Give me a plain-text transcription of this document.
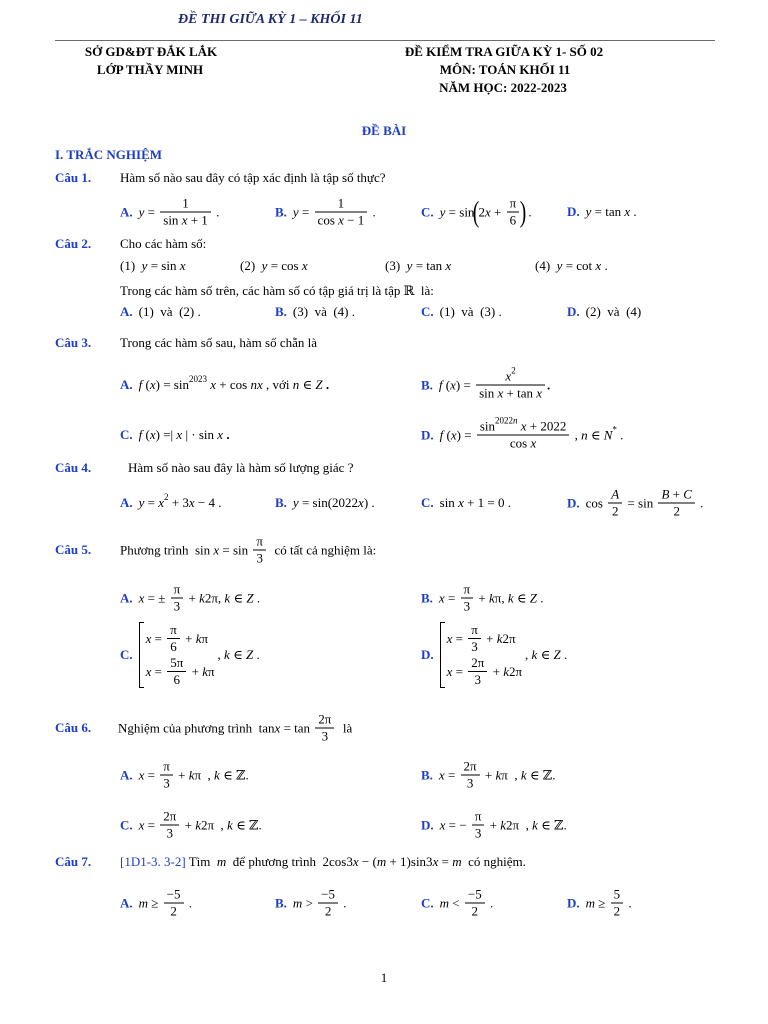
ĐỀ THI GIỮA KỲ 1 – KHỐI 11
SỞ GD&ĐT ĐẮK LẮK
LỚP THẦY MINH
ĐỀ KIỂM TRA GIỮA KỲ 1- SỐ 02
MÔN: TOÁN KHỐI 11
NĂM HỌC: 2022-2023
ĐỀ BÀI
I. TRẮC NGHIỆM
Câu 1. Hàm số nào sau đây có tập xác định là tập số thực?
A. $y = \frac{1}{\text{sin x + 1}}$ .	B. $y = \frac{1}{\text{cos x − 1}}$ .	C. y = sin
(
2 $x + \frac{\pi}{6}$ )
.	D. y = tan x .
Câu 2. Cho các hàm số:
(1) y = sin x	(2) y = cos x	(3) y = tan x	(4) y = cot x .
Trong các hàm số trên, các hàm số có tập giá trị là tập ℝ  là:
A. (1)  và  (2) .	B. (3)  và  (4) .	C. (1)  và  (3) .	D. (2)  và  (4)
Câu 3. Trong các hàm số sau, hàm số chẵn là
A. f ( x ) = sin 2023
x + cos nx , với n ∈ Z .	B. f ( x ) = $\frac{x 2}{\text{sin x + tan x}}$ .
C. f ( x ) =| x | · sin x .	D. f ( x ) = sin 2022 n
x + 2022
cos x , n ∈ N * .
Câu 4.	Hàm số nào sau đây là hàm số lượng giác ?
A. y = x 2 + 3 x − 4 .	B. y = sin(2022 x ) .	C. sin x + 1 = 0 .	D. $\cos \frac{A}{2} = \sin \frac{B + C}{2}$ .
Câu 5. Phương trình  $\sin x = \sin \frac{\pi}{3}$ có tất cả nghiệm là:
A. x = ± $\frac{\pi}{3} + k$ 2π, k ∈ Z .	B. $x = \frac{\pi}{3} + k$ π, k ∈ Z .
C.
$x = \frac{\pi}{6} + k$ π
$x = \frac{5\pi}{6} + k$ π
, k ∈ Z .	D.
$x = \frac{\pi}{3} + k$ 2π
$x = \frac{2\pi}{3} + k$ 2π
, k ∈ Z .
Câu 6. Nghiệm của phương trình  $\tan x = \tan \frac{2\pi}{3}$ là
A. $x = \frac{\pi}{3} + k$ π  , k ∈ ℤ.	B. $x = \frac{2\pi}{3} + k$ π  , k ∈ ℤ.
C. $x = \frac{2\pi}{3} + k$ 2π  , k ∈ ℤ.	D. x = − $\frac{\pi}{3} + k$ 2π  , k ∈ ℤ.
Câu 7. [1D1-3. 3-2] Tìm m để phương trình  2cos3 x − ( m + 1)sin3 x = m có nghiệm.
A. $m \ge \frac{-5}{2}$ .	B. $m > \frac{-5}{2}$ .	C. $m < \frac{-5}{2}$ .	D. $m \ge \frac{5}{2}$ .
1
